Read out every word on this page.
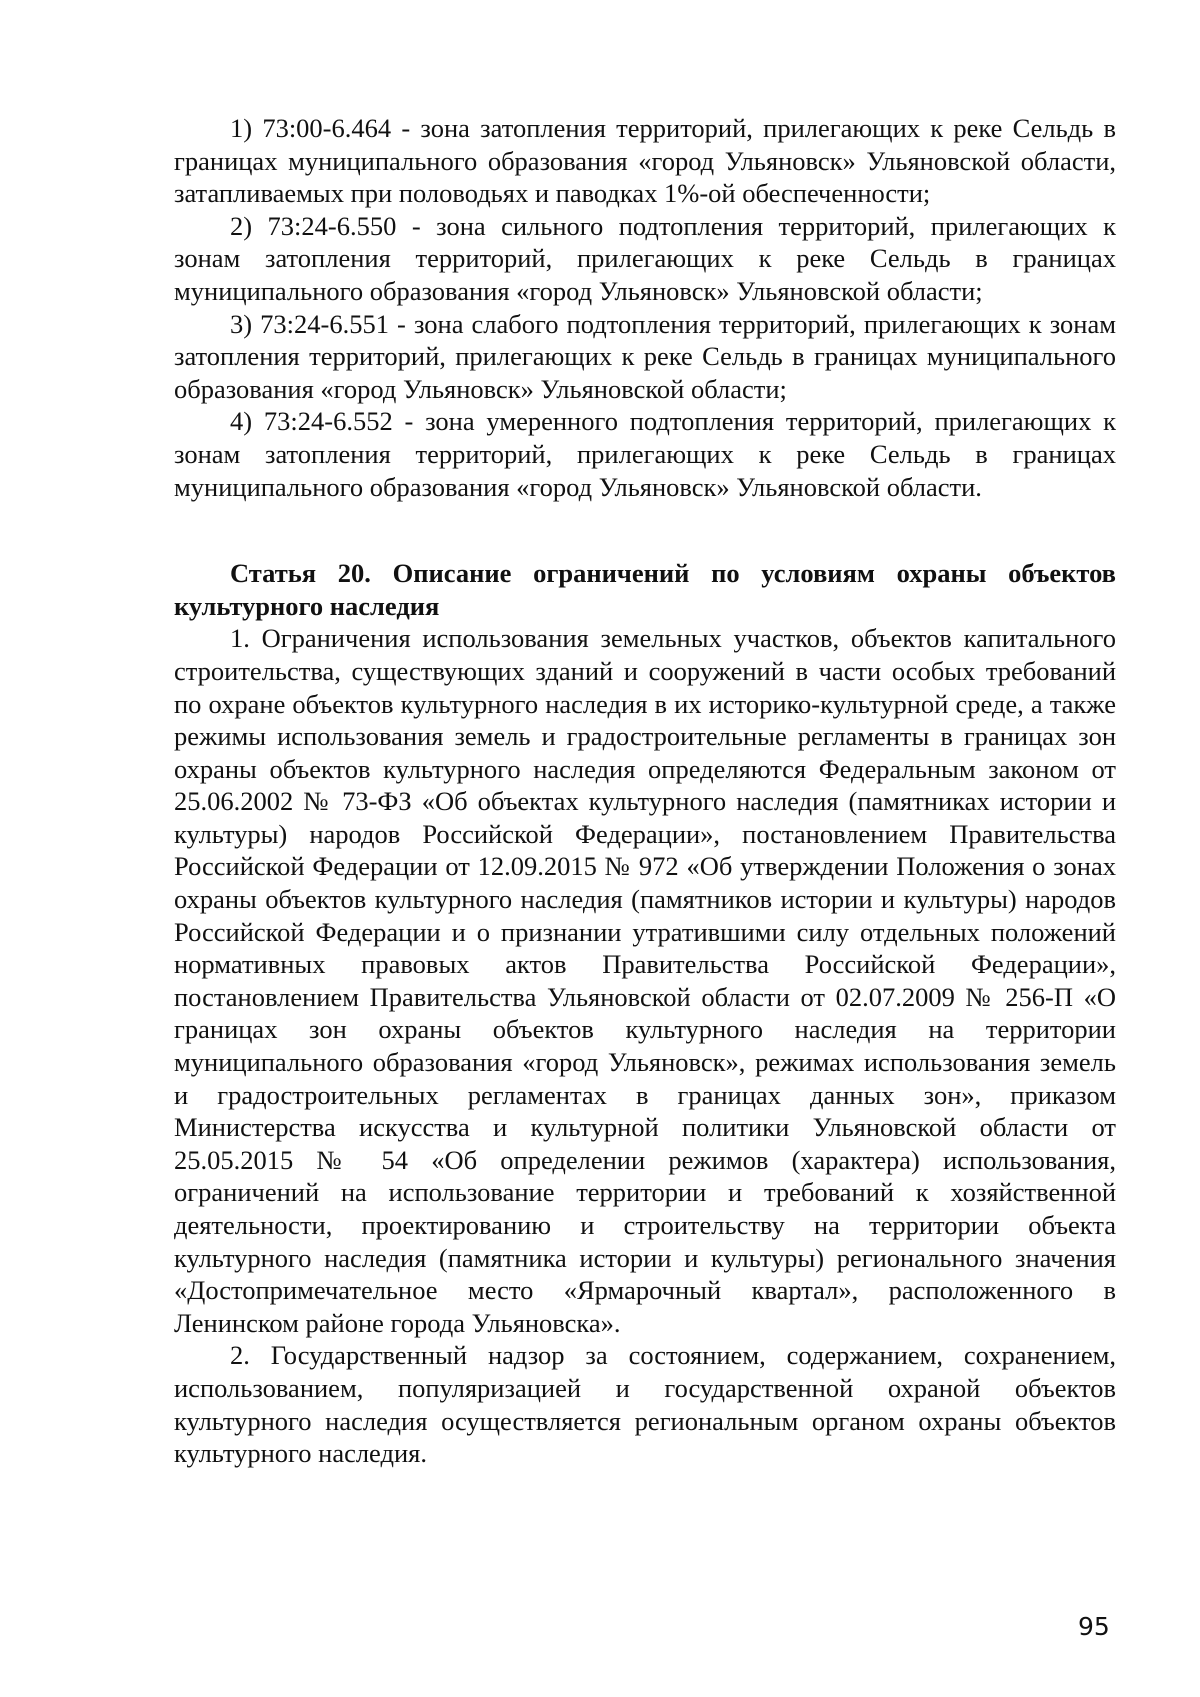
1) 73:00-6.464 - зона затопления территорий, прилегающих к реке Сельдь в границах муниципального образования «город Ульяновск» Ульяновской области, затапливаемых при половодьях и паводках 1%-ой обеспеченности;

2) 73:24-6.550 - зона сильного подтопления территорий, прилегающих к зонам затопления территорий, прилегающих к реке Сельдь в границах муниципального образования «город Ульяновск» Ульяновской области;

3) 73:24-6.551 - зона слабого подтопления территорий, прилегающих к зонам затопления территорий, прилегающих к реке Сельдь в границах муниципального образования «город Ульяновск» Ульяновской области;

4) 73:24-6.552 - зона умеренного подтопления территорий, прилегающих к зонам затопления территорий, прилегающих к реке Сельдь в границах муниципального образования «город Ульяновск» Ульяновской области.

Статья 20. Описание ограничений по условиям охраны объектов культурного наследия

1. Ограничения использования земельных участков, объектов капитального строительства, существующих зданий и сооружений в части особых требований по охране объектов культурного наследия в их историко-культурной среде, а также режимы использования земель и градостроительные регламенты в границах зон охраны объектов культурного наследия определяются Федеральным законом от 25.06.2002 № 73-ФЗ «Об объектах культурного наследия (памятниках истории и культуры) народов Российской Федерации», постановлением Правительства Российской Федерации от 12.09.2015 № 972 «Об утверждении Положения о зонах охраны объектов культурного наследия (памятников истории и культуры) народов Российской Федерации и о признании утратившими силу отдельных положений нормативных правовых актов Правительства Российской Федерации», постановлением Правительства Ульяновской области от 02.07.2009 № 256-П «О границах зон охраны объектов культурного наследия на территории муниципального образования «город Ульяновск», режимах использования земель и градостроительных регламентах в границах данных зон», приказом Министерства искусства и культурной политики Ульяновской области от 25.05.2015 № 54 «Об определении режимов (характера) использования, ограничений на использование территории и требований к хозяйственной деятельности, проектированию и строительству на территории объекта культурного наследия (памятника истории и культуры) регионального значения «Достопримечательное место «Ярмарочный квартал», расположенного в Ленинском районе города Ульяновска».

2. Государственный надзор за состоянием, содержанием, сохранением, использованием, популяризацией и государственной охраной объектов культурного наследия осуществляется региональным органом охраны объектов культурного наследия.

95
